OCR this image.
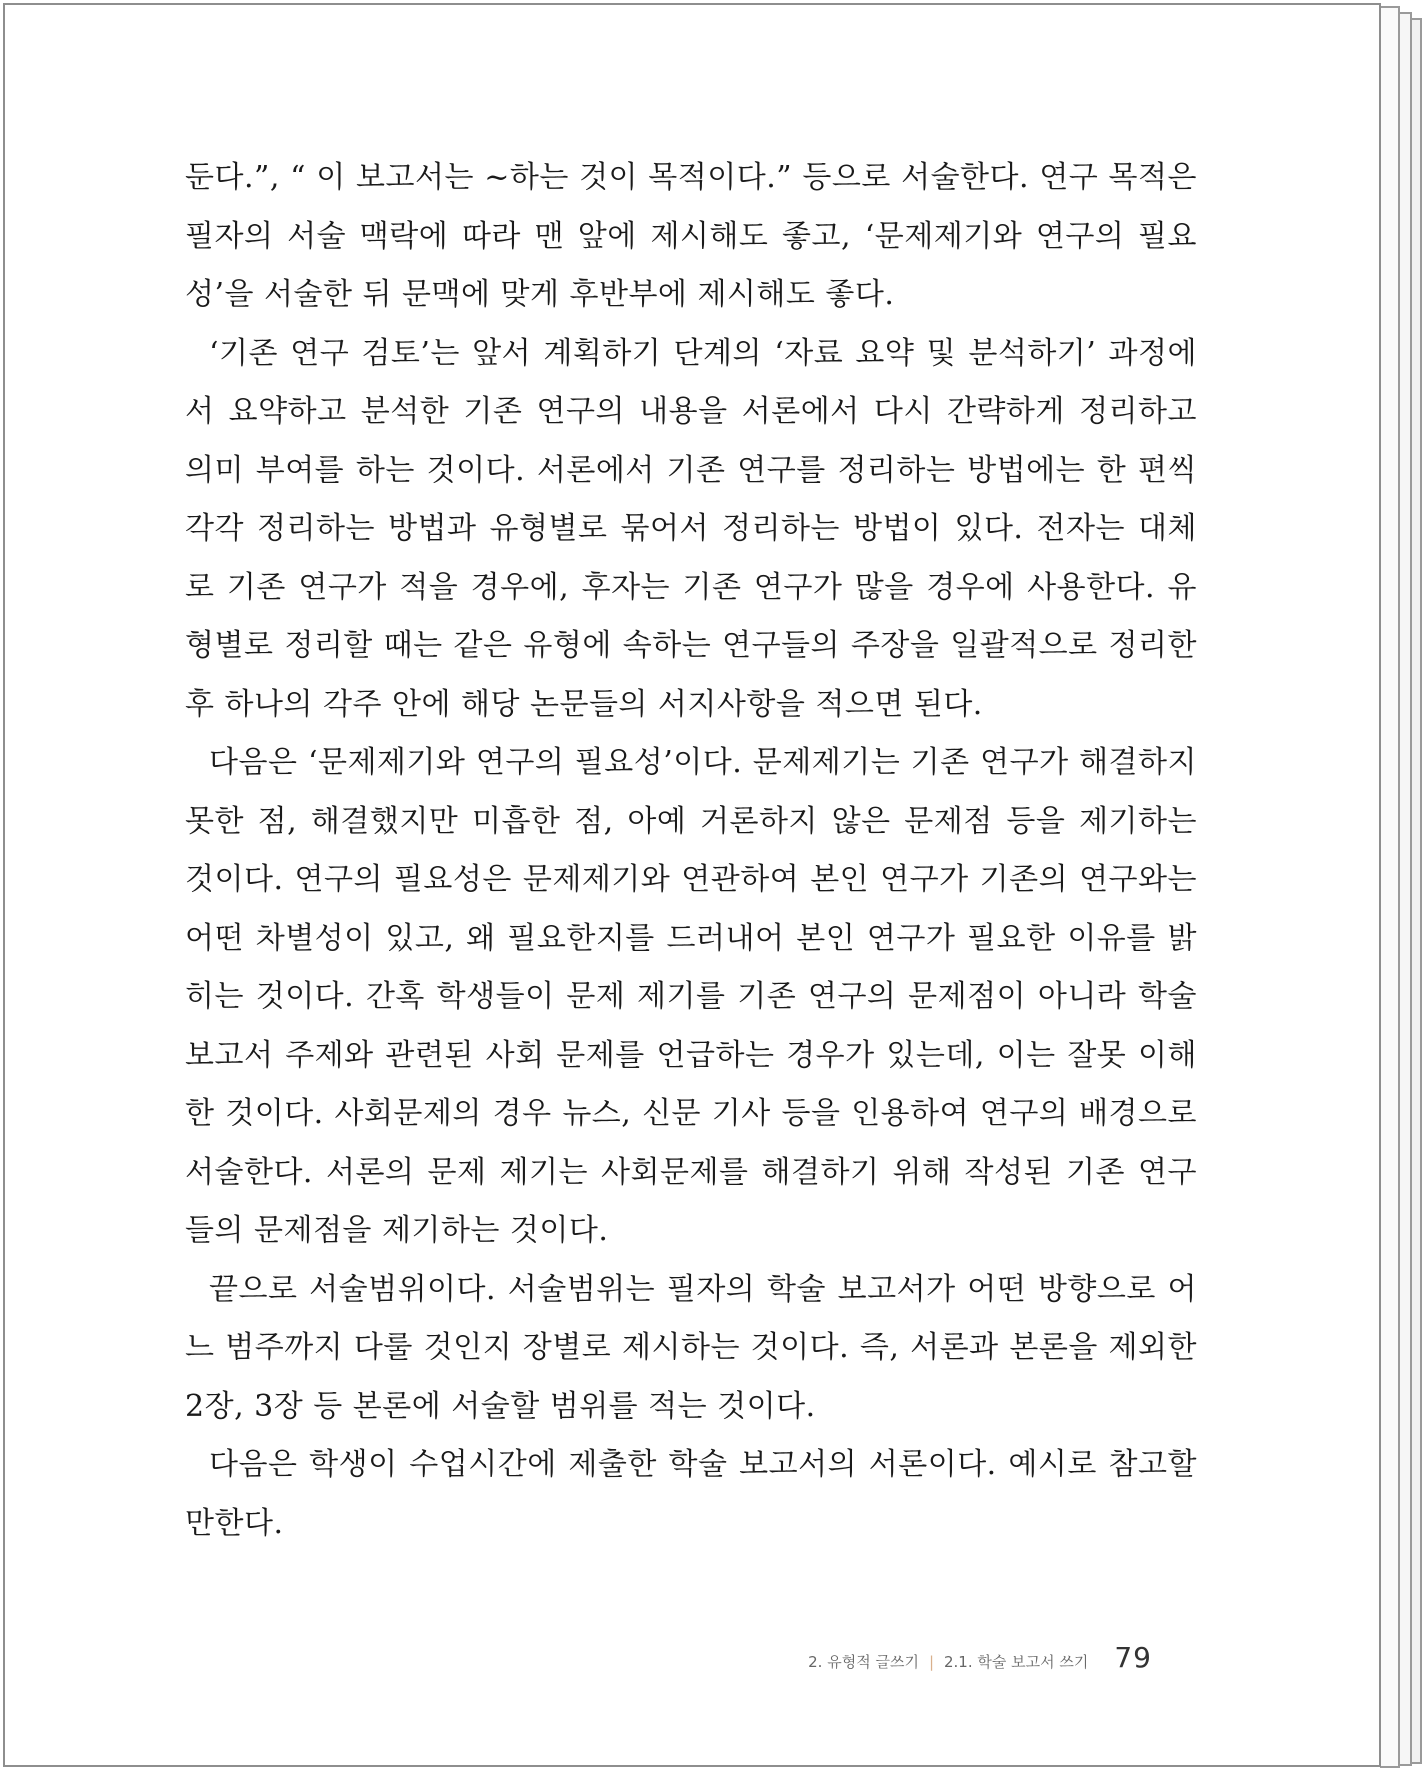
둔다.”, “ 이 보고서는 ~하는 것이 목적이다.” 등으로 서술한다. 연구 목적은 필자의 서술 맥락에 따라 맨 앞에 제시해도 좋고, ‘문제제기와 연구의 필요성’을 서술한 뒤 문맥에 맞게 후반부에 제시해도 좋다.

‘기존 연구 검토’는 앞서 계획하기 단계의 ‘자료 요약 및 분석하기’ 과정에서 요약하고 분석한 기존 연구의 내용을 서론에서 다시 간략하게 정리하고 의미 부여를 하는 것이다. 서론에서 기존 연구를 정리하는 방법에는 한 편씩 각각 정리하는 방법과 유형별로 묶어서 정리하는 방법이 있다. 전자는 대체로 기존 연구가 적을 경우에, 후자는 기존 연구가 많을 경우에 사용한다. 유형별로 정리할 때는 같은 유형에 속하는 연구들의 주장을 일괄적으로 정리한 후 하나의 각주 안에 해당 논문들의 서지사항을 적으면 된다.

다음은 ‘문제제기와 연구의 필요성’이다. 문제제기는 기존 연구가 해결하지 못한 점, 해결했지만 미흡한 점, 아예 거론하지 않은 문제점 등을 제기하는 것이다. 연구의 필요성은 문제제기와 연관하여 본인 연구가 기존의 연구와는 어떤 차별성이 있고, 왜 필요한지를 드러내어 본인 연구가 필요한 이유를 밝히는 것이다. 간혹 학생들이 문제 제기를 기존 연구의 문제점이 아니라 학술 보고서 주제와 관련된 사회 문제를 언급하는 경우가 있는데, 이는 잘못 이해한 것이다. 사회문제의 경우 뉴스, 신문 기사 등을 인용하여 연구의 배경으로 서술한다. 서론의 문제 제기는 사회문제를 해결하기 위해 작성된 기존 연구들의 문제점을 제기하는 것이다.

끝으로 서술범위이다. 서술범위는 필자의 학술 보고서가 어떤 방향으로 어느 범주까지 다룰 것인지 장별로 제시하는 것이다. 즉, 서론과 본론을 제외한 2장, 3장 등 본론에 서술할 범위를 적는 것이다.

다음은 학생이 수업시간에 제출한 학술 보고서의 서론이다. 예시로 참고할 만한다.

2. 유형적 글쓰기 | 2.1. 학술 보고서 쓰기 79
